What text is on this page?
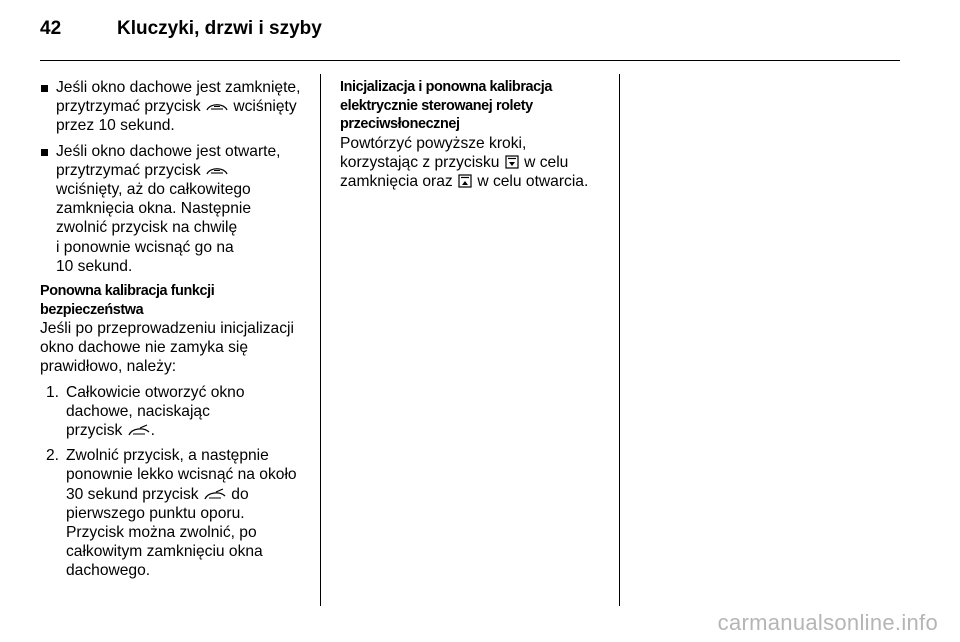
42	Kluczyki, drzwi i szyby
Jeśli okno dachowe jest zamknięte,
przytrzymać przycisk wciśnięty
przez 10 sekund.
Jeśli okno dachowe jest otwarte,
przytrzymać przycisk
wciśnięty, aż do całkowitego
zamknięcia okna. Następnie
zwolnić przycisk na chwilę
i ponownie wcisnąć go na
10 sekund.
Ponowna kalibracja funkcji
bezpieczeństwa
Jeśli po przeprowadzeniu inicjalizacji
okno dachowe nie zamyka się
prawidłowo, należy:
1. Całkowicie otworzyć okno
dachowe, naciskając
przycisk .
2. Zwolnić przycisk, a następnie
ponownie lekko wcisnąć na około
30 sekund przycisk do
pierwszego punktu oporu.
Przycisk można zwolnić, po
całkowitym zamknięciu okna
dachowego.
Inicjalizacja i ponowna kalibracja
elektrycznie sterowanej rolety
przeciwsłonecznej
Powtórzyć powyższe kroki,
korzystając z przycisku w celu
zamknięcia oraz w celu otwarcia.
carmanualsonline.info
